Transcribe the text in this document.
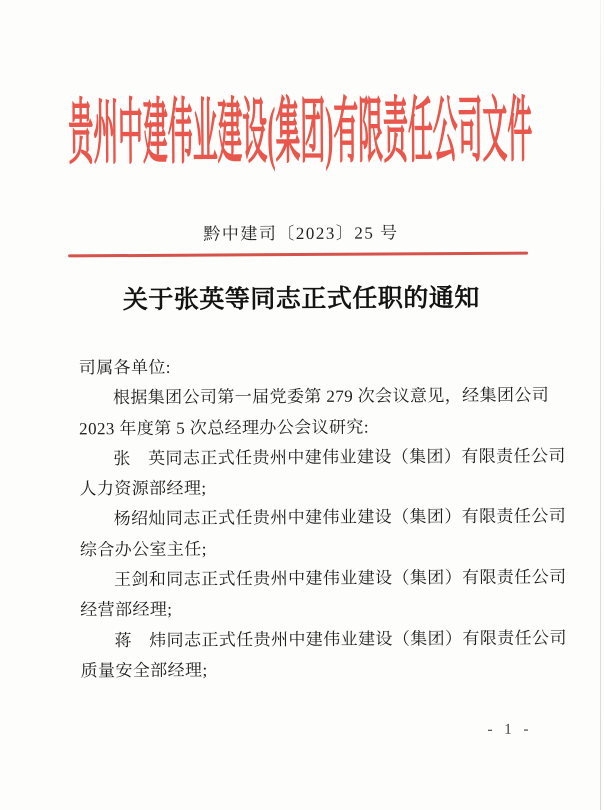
贵州中建伟业建设(集团)有限责任公司文件
黔中建司〔2023〕25 号
关于张英等同志正式任职的通知
司属各单位:
根据集团公司第一届党委第 279 次会议意见，经集团公司
2023 年度第 5 次总经理办公会议研究:
张　英同志正式任贵州中建伟业建设（集团）有限责任公司
人力资源部经理;
杨绍灿同志正式任贵州中建伟业建设（集团）有限责任公司
综合办公室主任;
王剑和同志正式任贵州中建伟业建设（集团）有限责任公司
经营部经理;
蒋　炜同志正式任贵州中建伟业建设（集团）有限责任公司
质量安全部经理;
- 1 -
